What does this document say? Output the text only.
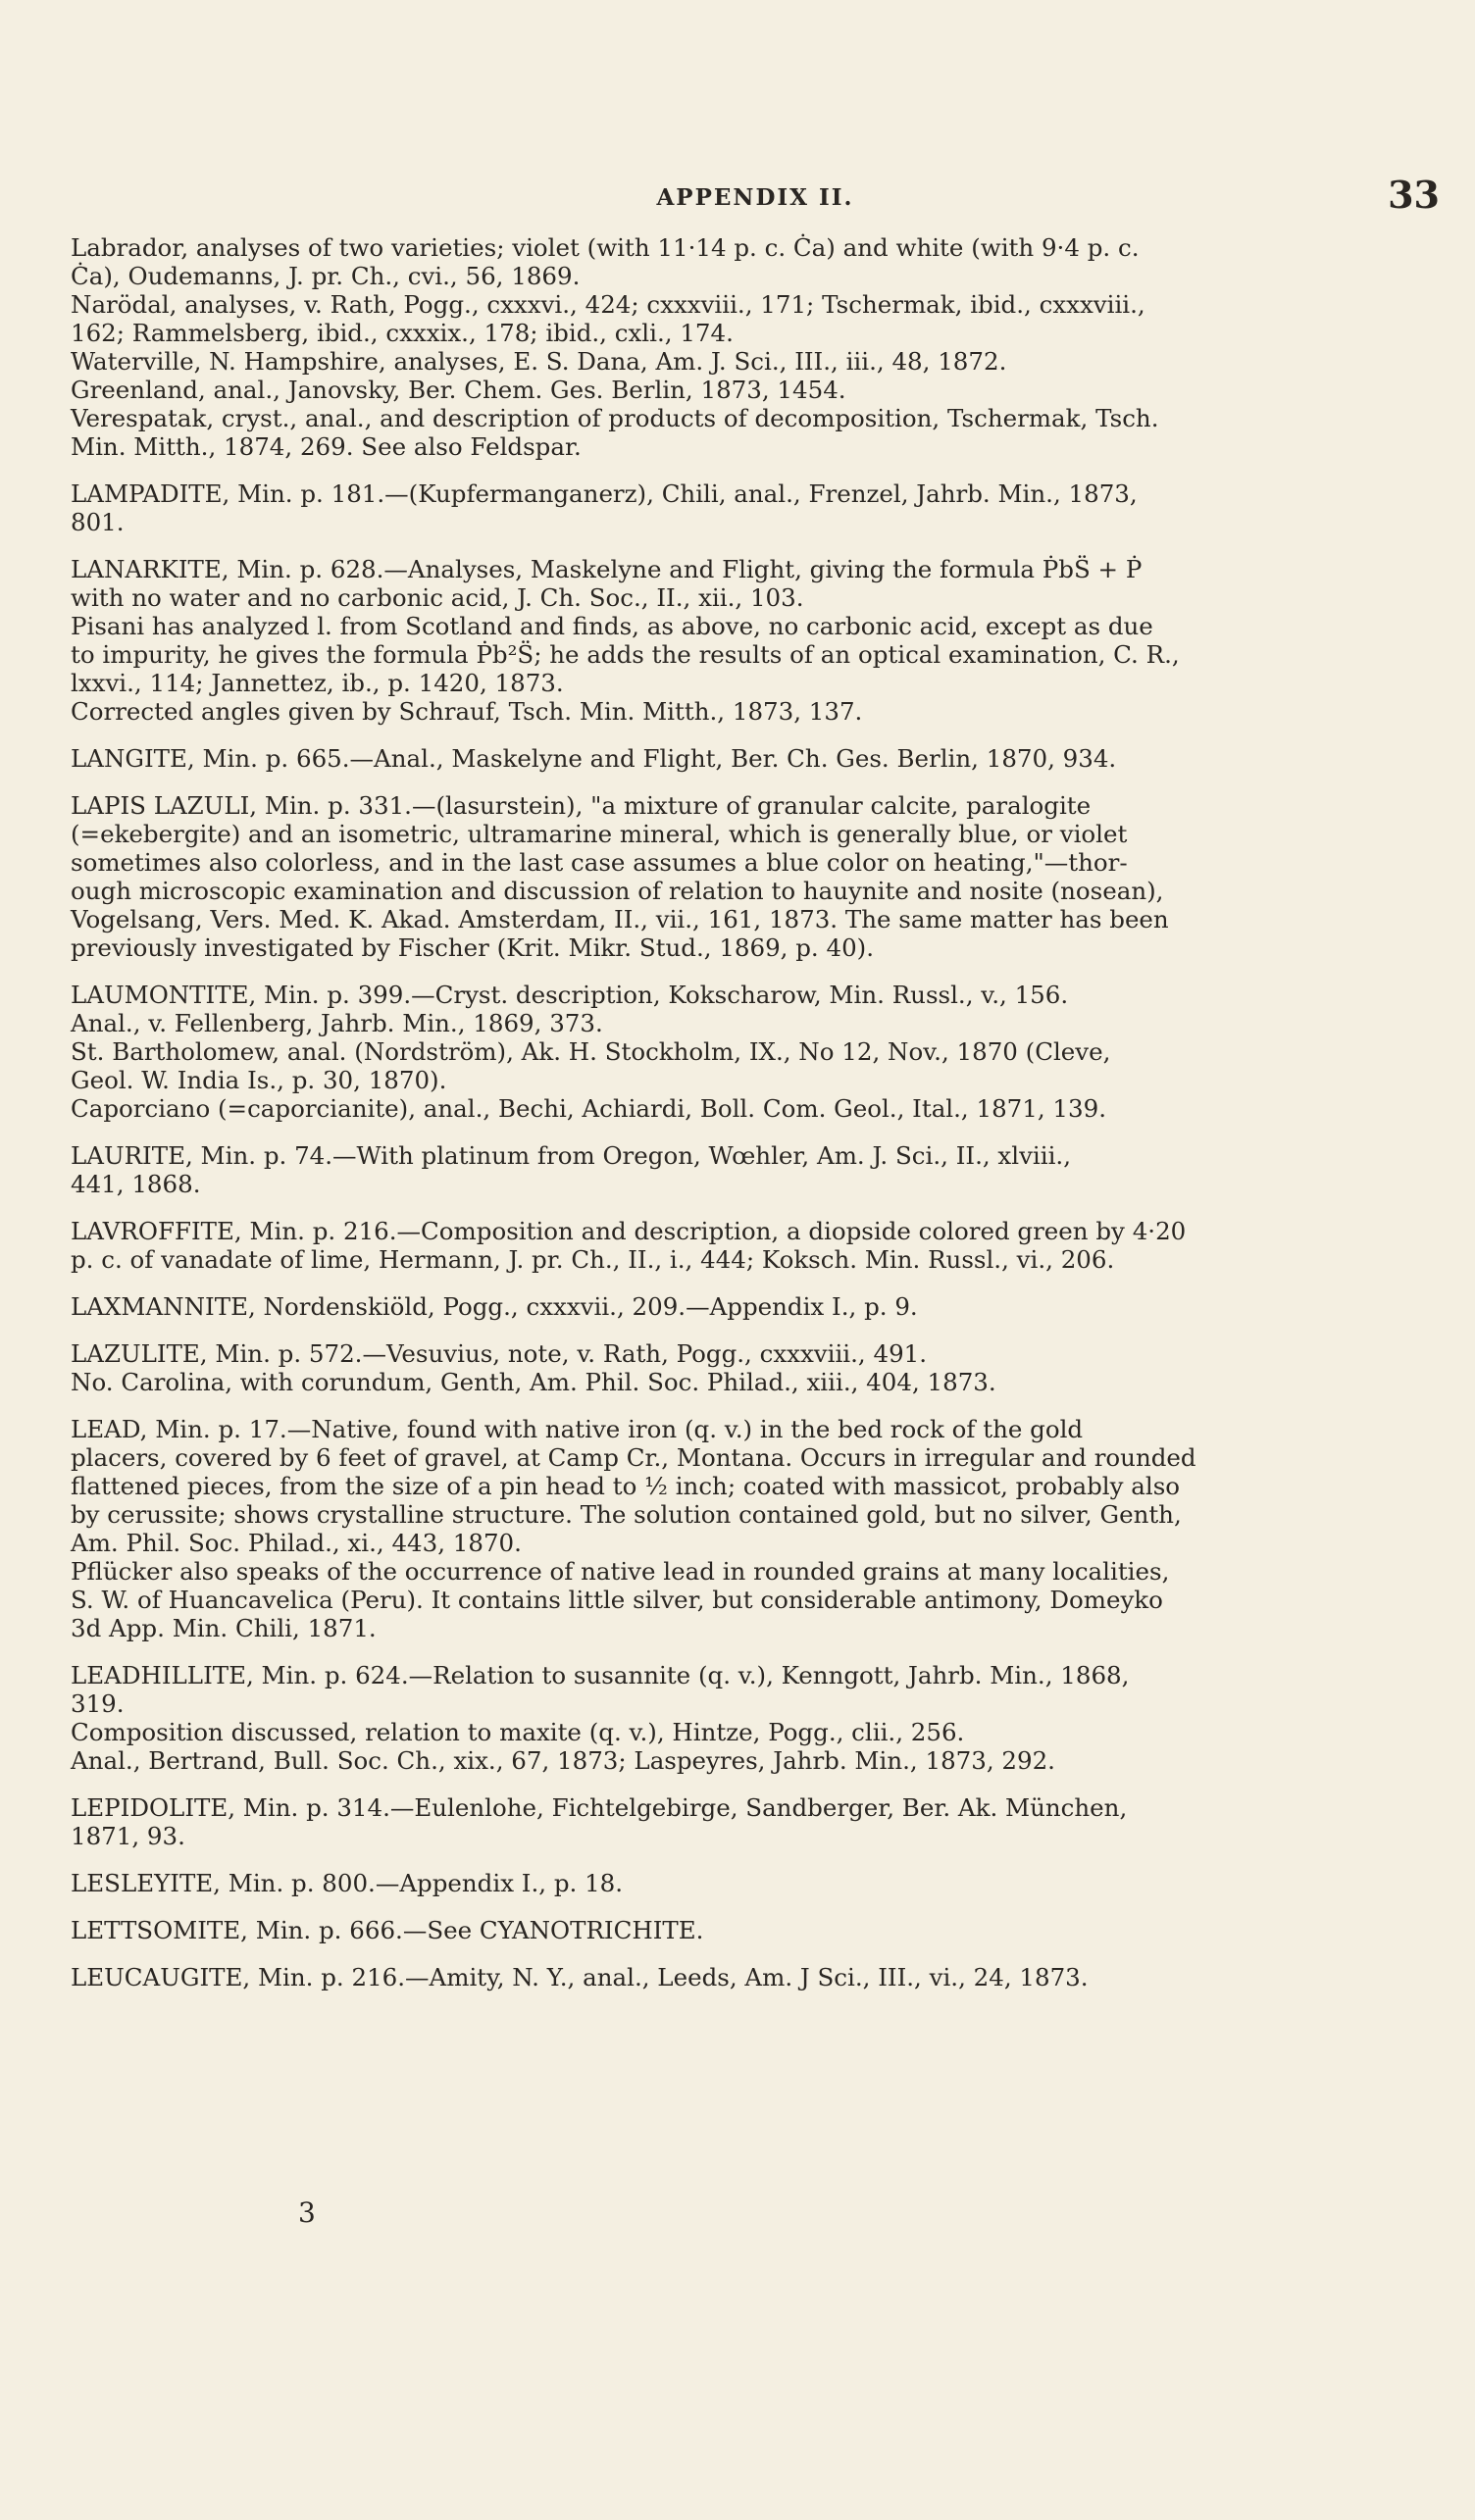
APPENDIX II.	33

Labrador, analyses of two varieties; violet (with 11·14 p. c. Ċa) and white (with 9·4 p. c.

Ċa), Oudemanns, J. pr. Ch., cvi., 56, 1869.

Narödal, analyses, v. Rath, Pogg., cxxxvi., 424; cxxxviii., 171; Tschermak, ibid., cxxxviii.,

162; Rammelsberg, ibid., cxxxix., 178; ibid., cxli., 174.

Waterville, N. Hampshire, analyses, E. S. Dana, Am. J. Sci., III., iii., 48, 1872.

Greenland, anal., Janovsky, Ber. Chem. Ges. Berlin, 1873, 1454.

Verespatak, cryst., anal., and description of products of decomposition, Tschermak, Tsch.

Min. Mitth., 1874, 269. See also Feldspar.

LAMPADITE, Min. p. 181.—(Kupfermanganerz), Chili, anal., Frenzel, Jahrb. Min., 1873,

801.

LANARKITE, Min. p. 628.—Analyses, Maskelyne and Flight, giving the formula ṖbS̈ + Ṗ

with no water and no carbonic acid, J. Ch. Soc., II., xii., 103.

Pisani has analyzed l. from Scotland and finds, as above, no carbonic acid, except as due

to impurity, he gives the formula Ṗb²S̈; he adds the results of an optical examination, C. R.,

lxxvi., 114; Jannettez, ib., p. 1420, 1873.

Corrected angles given by Schrauf, Tsch. Min. Mitth., 1873, 137.

LANGITE, Min. p. 665.—Anal., Maskelyne and Flight, Ber. Ch. Ges. Berlin, 1870, 934.

LAPIS LAZULI, Min. p. 331.—(lasurstein), "a mixture of granular calcite, paralogite

(=ekebergite) and an isometric, ultramarine mineral, which is generally blue, or violet

sometimes also colorless, and in the last case assumes a blue color on heating,"—thor-

ough microscopic examination and discussion of relation to hauynite and nosite (nosean),

Vogelsang, Vers. Med. K. Akad. Amsterdam, II., vii., 161, 1873. The same matter has been

previously investigated by Fischer (Krit. Mikr. Stud., 1869, p. 40).

LAUMONTITE, Min. p. 399.—Cryst. description, Kokscharow, Min. Russl., v., 156.

Anal., v. Fellenberg, Jahrb. Min., 1869, 373.

St. Bartholomew, anal. (Nordström), Ak. H. Stockholm, IX., No 12, Nov., 1870 (Cleve,

Geol. W. India Is., p. 30, 1870).

Caporciano (=caporcianite), anal., Bechi, Achiardi, Boll. Com. Geol., Ital., 1871, 139.

LAURITE, Min. p. 74.—With platinum from Oregon, Wœhler, Am. J. Sci., II., xlviii.,

441, 1868.

LAVROFFITE, Min. p. 216.—Composition and description, a diopside colored green by 4·20

p. c. of vanadate of lime, Hermann, J. pr. Ch., II., i., 444; Koksch. Min. Russl., vi., 206.

LAXMANNITE, Nordenskiöld, Pogg., cxxxvii., 209.—Appendix I., p. 9.

LAZULITE, Min. p. 572.—Vesuvius, note, v. Rath, Pogg., cxxxviii., 491.

No. Carolina, with corundum, Genth, Am. Phil. Soc. Philad., xiii., 404, 1873.

LEAD, Min. p. 17.—Native, found with native iron (q. v.) in the bed rock of the gold

placers, covered by 6 feet of gravel, at Camp Cr., Montana. Occurs in irregular and rounded

flattened pieces, from the size of a pin head to ½ inch; coated with massicot, probably also

by cerussite; shows crystalline structure. The solution contained gold, but no silver, Genth,

Am. Phil. Soc. Philad., xi., 443, 1870.

Pflücker also speaks of the occurrence of native lead in rounded grains at many localities,

S. W. of Huancavelica (Peru). It contains little silver, but considerable antimony, Domeyko

3d App. Min. Chili, 1871.

LEADHILLITE, Min. p. 624.—Relation to susannite (q. v.), Kenngott, Jahrb. Min., 1868,

319.

Composition discussed, relation to maxite (q. v.), Hintze, Pogg., clii., 256.

Anal., Bertrand, Bull. Soc. Ch., xix., 67, 1873; Laspeyres, Jahrb. Min., 1873, 292.

LEPIDOLITE, Min. p. 314.—Eulenlohe, Fichtelgebirge, Sandberger, Ber. Ak. München,

1871, 93.

LESLEYITE, Min. p. 800.—Appendix I., p. 18.

LETTSOMITE, Min. p. 666.—See CYANOTRICHITE.

LEUCAUGITE, Min. p. 216.—Amity, N. Y., anal., Leeds, Am. J Sci., III., vi., 24, 1873.

3
